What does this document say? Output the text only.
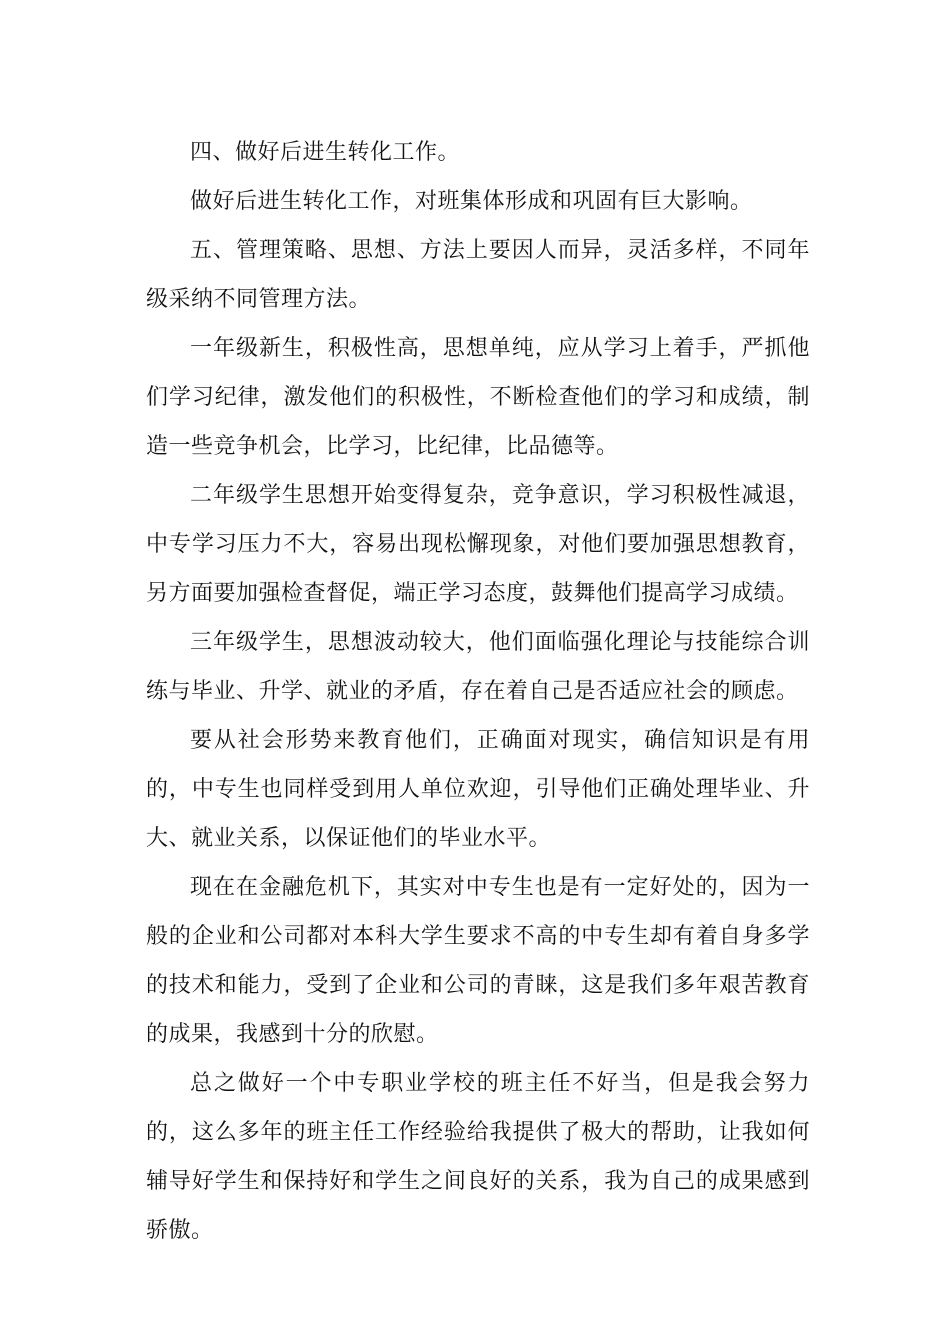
四、做好后进生转化工作。

做好后进生转化工作，对班集体形成和巩固有巨大影响。

五、管理策略、思想、方法上要因人而异，灵活多样，不同年级采纳不同管理方法。

一年级新生，积极性高，思想单纯，应从学习上着手，严抓他们学习纪律，激发他们的积极性，不断检查他们的学习和成绩，制造一些竞争机会，比学习，比纪律，比品德等。

二年级学生思想开始变得复杂，竞争意识，学习积极性减退，中专学习压力不大，容易出现松懈现象，对他们要加强思想教育，另方面要加强检查督促，端正学习态度，鼓舞他们提高学习成绩。

三年级学生，思想波动较大，他们面临强化理论与技能综合训练与毕业、升学、就业的矛盾，存在着自己是否适应社会的顾虑。

要从社会形势来教育他们，正确面对现实，确信知识是有用的，中专生也同样受到用人单位欢迎，引导他们正确处理毕业、升大、就业关系，以保证他们的毕业水平。

现在在金融危机下，其实对中专生也是有一定好处的，因为一般的企业和公司都对本科大学生要求不高的中专生却有着自身多学的技术和能力，受到了企业和公司的青睐，这是我们多年艰苦教育的成果，我感到十分的欣慰。

总之做好一个中专职业学校的班主任不好当，但是我会努力的，这么多年的班主任工作经验给我提供了极大的帮助，让我如何辅导好学生和保持好和学生之间良好的关系，我为自己的成果感到骄傲。
